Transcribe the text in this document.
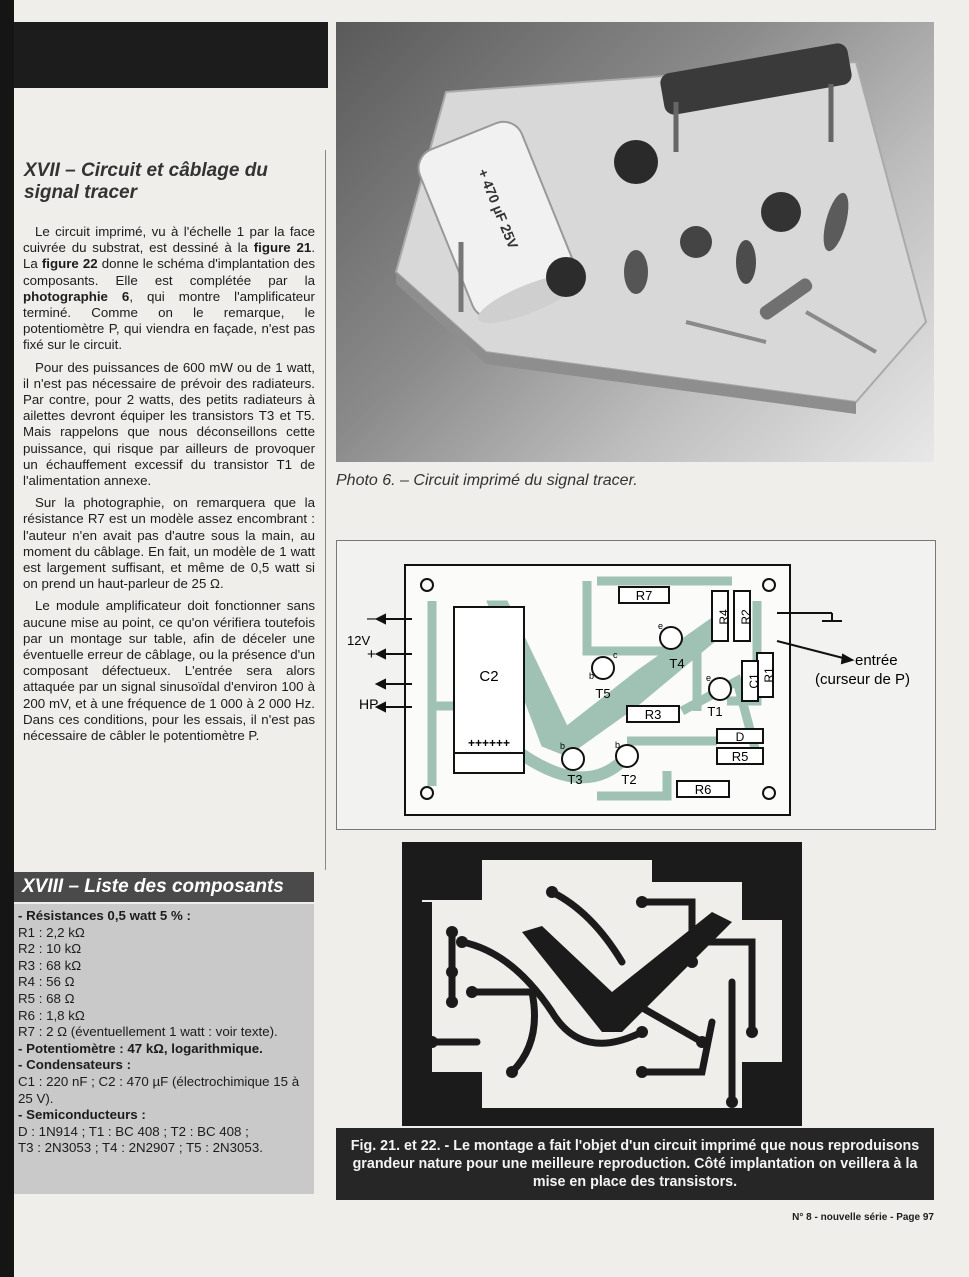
XVII – Circuit et câblage du signal tracer

Le circuit imprimé, vu à l'échelle 1 par la face cuivrée du substrat, est dessiné à la figure 21. La figure 22 donne le schéma d'implantation des composants. Elle est complétée par la photographie 6, qui montre l'amplificateur terminé. Comme on le remarque, le potentiomètre P, qui viendra en façade, n'est pas fixé sur le circuit.

Pour des puissances de 600 mW ou de 1 watt, il n'est pas nécessaire de prévoir des radiateurs. Par contre, pour 2 watts, des petits radiateurs à ailettes devront équiper les transistors T3 et T5. Mais rappelons que nous déconseillons cette puissance, qui risque par ailleurs de provoquer un échauffement excessif du transistor T1 de l'alimentation annexe.

Sur la photographie, on remarquera que la résistance R7 est un modèle assez encombrant : l'auteur n'en avait pas d'autre sous la main, au moment du câblage. En fait, un modèle de 1 watt est largement suffisant, et même de 0,5 watt si on prend un haut-parleur de 25 Ω.

Le module amplificateur doit fonctionner sans aucune mise au point, ce qu'on vérifiera toutefois par un montage sur table, afin de déceler une éventuelle erreur de câblage, ou la présence d'un composant défectueux. L'entrée sera alors attaquée par un signal sinusoïdal d'environ 100 à 200 mV, et à une fréquence de 1 000 à 2 000 Hz. Dans ces conditions, pour les essais, il n'est pas nécessaire de câbler le potentiomètre P.

XVIII – Liste des composants
- Résistances 0,5 watt 5 % :
R1 : 2,2 kΩ
R2 : 10 kΩ
R3 : 68 kΩ
R4 : 56 Ω
R5 : 68 Ω
R6 : 1,8 kΩ
R7 : 2 Ω (éventuellement 1 watt : voir texte).
- Potentiomètre : 47 kΩ, logarithmique.
- Condensateurs :
C1 : 220 nF ; C2 : 470 µF (électrochimique 15 à 25 V).
- Semiconducteurs :
D : 1N914 ; T1 : BC 408 ; T2 : BC 408 ;
T3 : 2N3053 ; T4 : 2N2907 ; T5 : 2N3053.
+ 470 µF 25V
Photo 6. – Circuit imprimé du signal tracer.
C2
++++++
R7
R4 R2
R1
C1
R3
D
R5
R6
T5
T4
T1
T3	T2
b
c
e
e
b	b
–
12V
+
HP
entrée
(curseur de P)
Fig. 21. et 22. - Le montage a fait l'objet d'un circuit imprimé que nous reproduisons grandeur nature pour une meilleure reproduction. Côté implantation on veillera à la mise en place des transistors.
N° 8 - nouvelle série - Page 97
